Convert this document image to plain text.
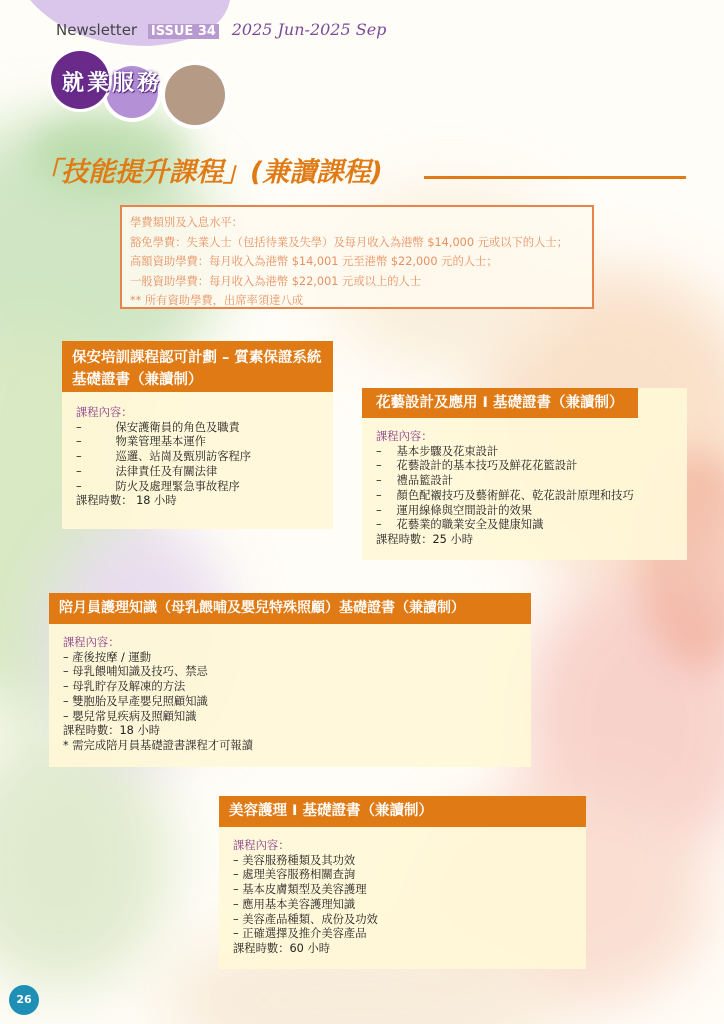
Newsletter ISSUE 34 2025 Jun-2025 Sep
就業服務
「技能提升課程」(兼讀課程)

學費類別及入息水平：

豁免學費：失業人士（包括待業及失學）及每月收入為港幣 $14,000 元或以下的人士；

高額資助學費：每月收入為港幣 $14,001 元至港幣 $22,000 元的人士；

一般資助學費：每月收入為港幣 $22,001 元或以上的人士

** 所有資助學費，出席率須達八成

保安培訓課程認可計劃 – 質素保證系統基礎證書（兼讀制）

課程內容：

–　　　保安護衛員的角色及職責

–　　　物業管理基本運作

–　　　巡邏、站崗及甄別訪客程序

–　　　法律責任及有關法律

–　　　防火及處理緊急事故程序

課程時數： 18 小時

花藝設計及應用 I 基礎證書（兼讀制）

課程內容：

–　 基本步驟及花束設計

–　 花藝設計的基本技巧及鮮花花籃設計

–　 禮品籃設計

–　 顏色配襯技巧及藝術鮮花、乾花設計原理和技巧

–　 運用線條與空間設計的效果

–　 花藝業的職業安全及健康知識

課程時數：25 小時

陪月員護理知識（母乳餵哺及嬰兒特殊照顧）基礎證書（兼讀制）

課程內容：

– 產後按摩 / 運動

– 母乳餵哺知識及技巧、禁忌

– 母乳貯存及解凍的方法

– 雙胞胎及早產嬰兒照顧知識

– 嬰兒常見疾病及照顧知識

課程時數：18 小時

* 需完成陪月員基礎證書課程才可報讀

美容護理 I 基礎證書（兼讀制）

課程內容：

– 美容服務種類及其功效

– 處理美容服務相關查詢

– 基本皮膚類型及美容護理

– 應用基本美容護理知識

– 美容產品種類、成份及功效

– 正確選擇及推介美容產品

課程時數：60 小時

26
